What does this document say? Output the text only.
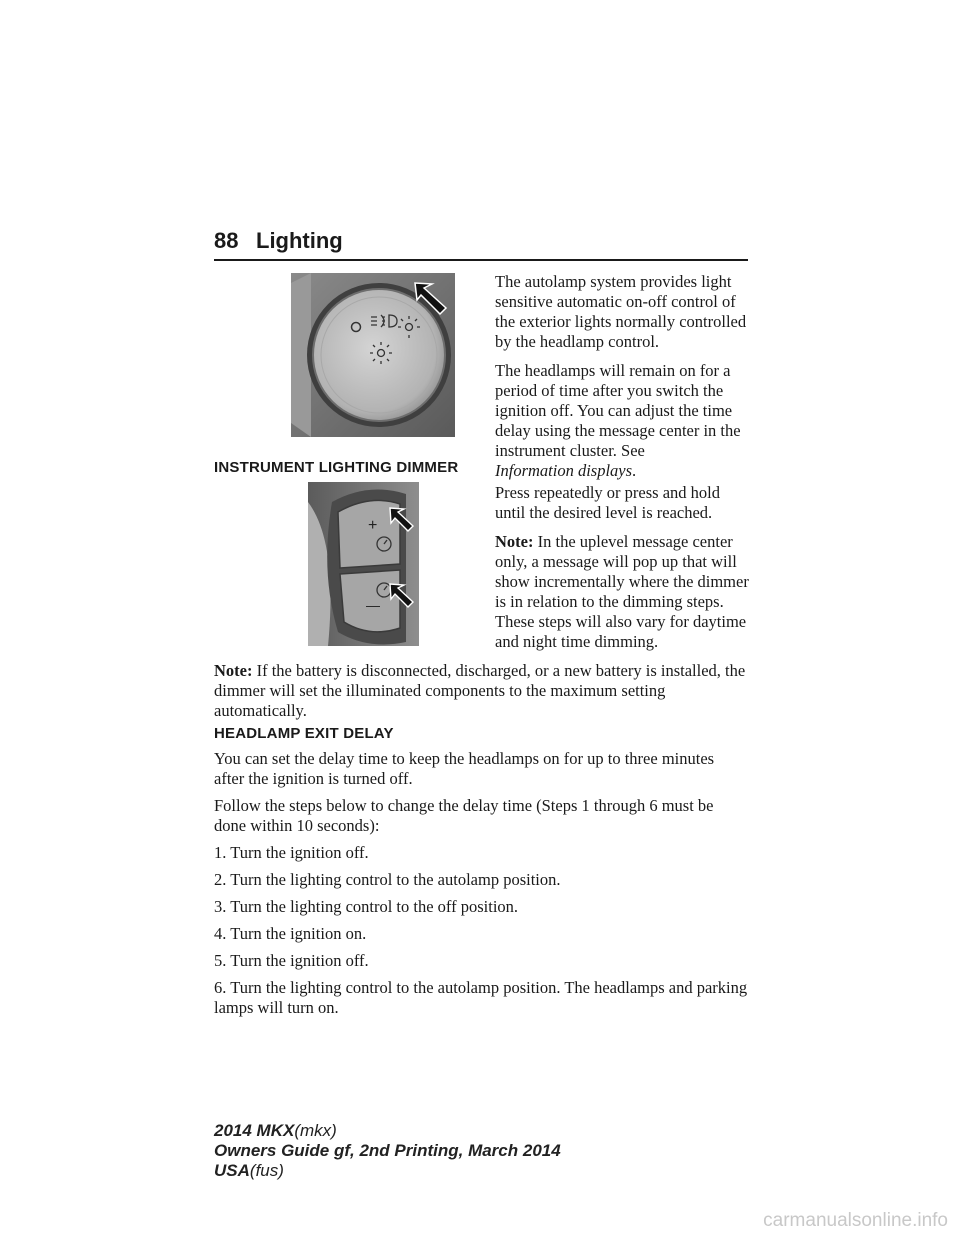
88 Lighting

The autolamp system provides light sensitive automatic on-off control of the exterior lights normally controlled by the headlamp control.

The headlamps will remain on for a period of time after you switch the ignition off. You can adjust the time delay using the message center in the instrument cluster. See
Information displays.

INSTRUMENT LIGHTING DIMMER
+
—

Press repeatedly or press and hold until the desired level is reached.

Note: In the uplevel message center only, a message will pop up that will show incrementally where the dimmer is in relation to the dimming steps. These steps will also vary for daytime and night time dimming.

Note: If the battery is disconnected, discharged, or a new battery is installed, the dimmer will set the illuminated components to the maximum setting automatically.

HEADLAMP EXIT DELAY

You can set the delay time to keep the headlamps on for up to three minutes after the ignition is turned off.

Follow the steps below to change the delay time (Steps 1 through 6 must be done within 10 seconds):

1. Turn the ignition off.

2. Turn the lighting control to the autolamp position.

3. Turn the lighting control to the off position.

4. Turn the ignition on.

5. Turn the ignition off.

6. Turn the lighting control to the autolamp position. The headlamps and parking lamps will turn on.

2014 MKX(mkx)
Owners Guide gf, 2nd Printing, March 2014
USA(fus)
carmanualsonline.info
